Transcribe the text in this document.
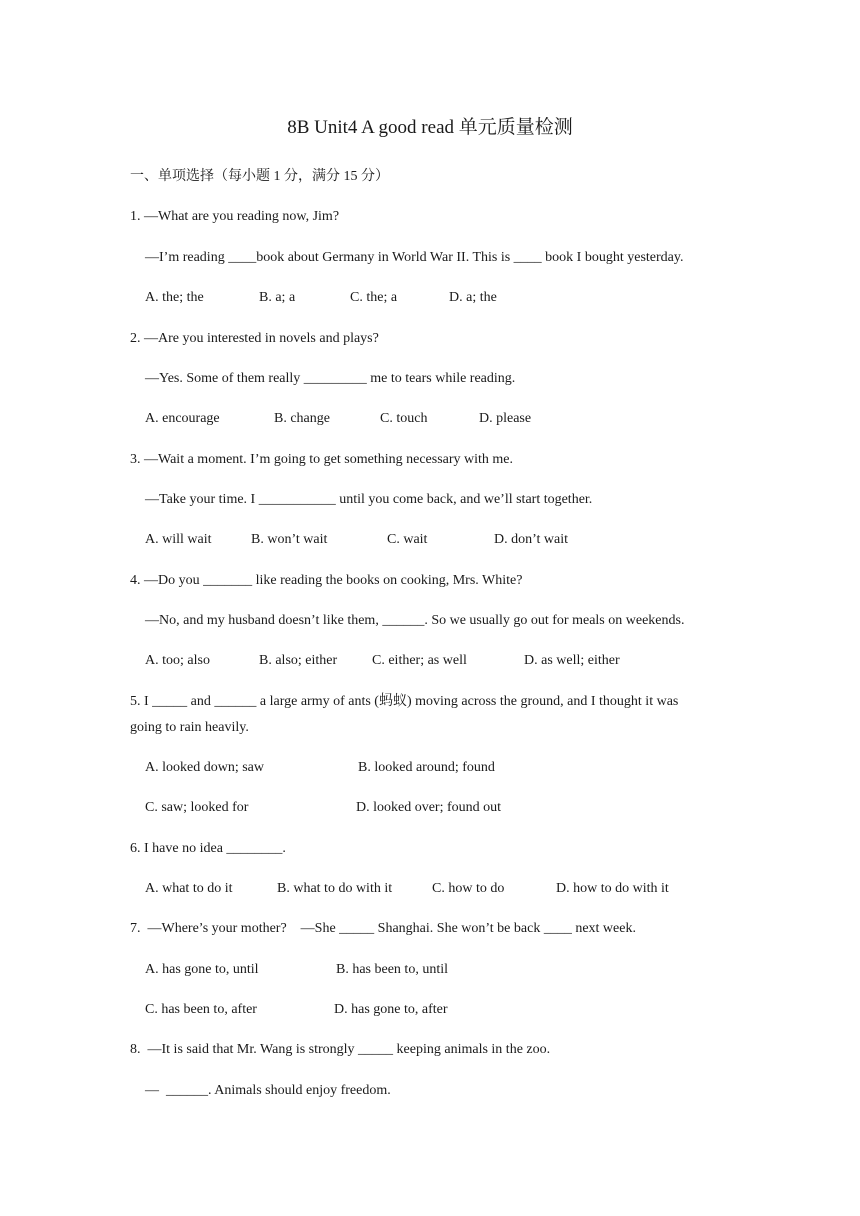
8B Unit4 A good read 单元质量检测
一、单项选择（每小题 1 分，满分 15 分）
1. —What are you reading now, Jim?
—I’m reading ____book about Germany in World War II. This is ____ book I bought yesterday.
A. the; the	B. a; a	C. the; a	D. a; the
2. —Are you interested in novels and plays?
—Yes. Some of them really _________ me to tears while reading.
A. encourage	B. change	C. touch	D. please
3. —Wait a moment. I’m going to get something necessary with me.
—Take your time. I ___________ until you come back, and we’ll start together.
A. will wait	B. won’t wait	C. wait	D. don’t wait
4. —Do you _______ like reading the books on cooking, Mrs. White?
—No, and my husband doesn’t like them, ______. So we usually go out for meals on weekends.
A. too; also	B. also; either C. either; as well	D. as well; either
5. I _____ and ______ a large army of ants (蚂蚁) moving across the ground, and I thought it was
going to rain heavily.
A. looked down; saw	B. looked around; found
C. saw; looked for	D. looked over; found out
6. I have no idea ________.
A. what to do it	B. what to do with it	C. how to do	D. how to do with it
7.  —Where’s your mother?    —She _____ Shanghai. She won’t be back ____ next week.
A. has gone to, until	B. has been to, until
C. has been to, after	D. has gone to, after
8.  —It is said that Mr. Wang is strongly _____ keeping animals in the zoo.
—  ______. Animals should enjoy freedom.
